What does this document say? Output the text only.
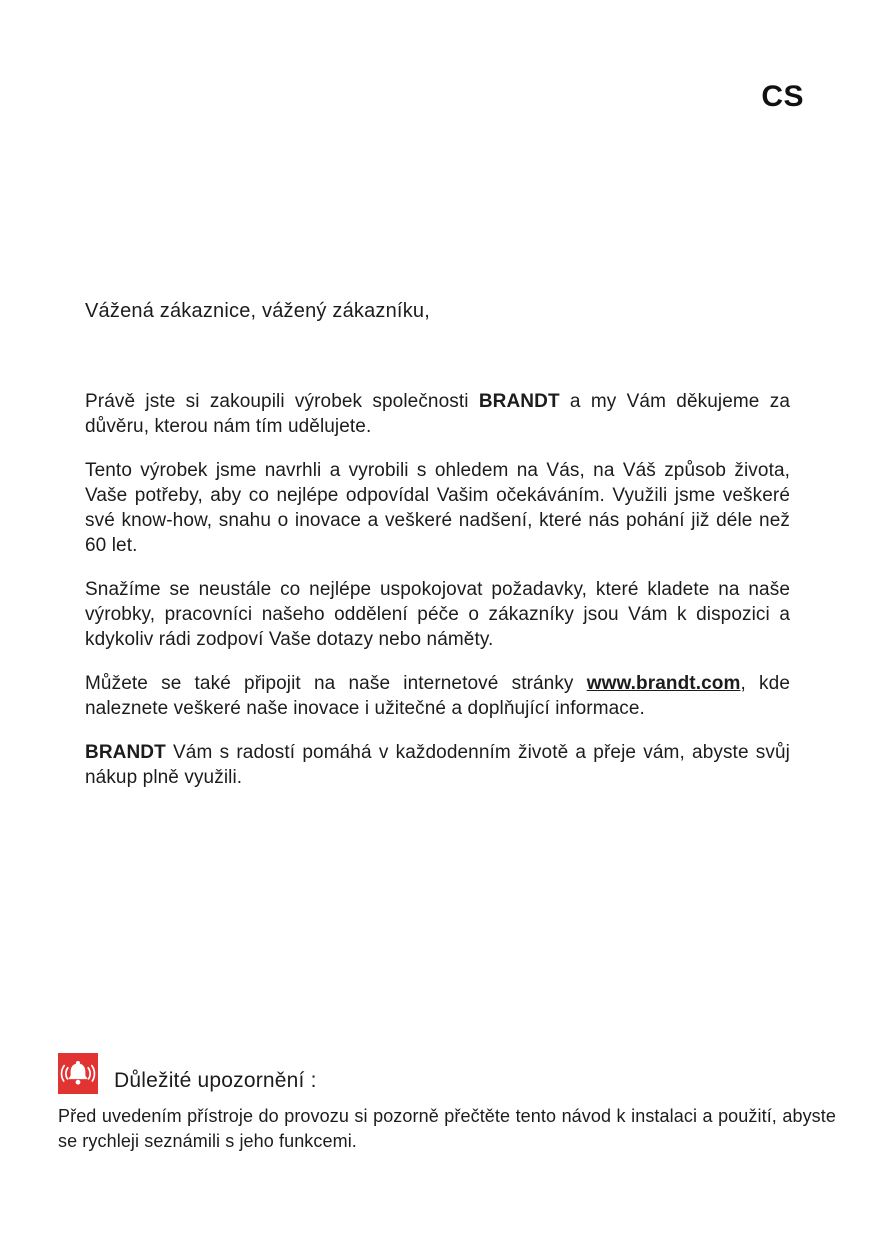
CS

Vážená zákaznice, vážený zákazníku,

Právě jste si zakoupili výrobek společnosti BRANDT a my Vám děkujeme za důvěru, kterou nám tím udělujete.

Tento výrobek jsme navrhli a vyrobili s ohledem na Vás, na Váš způsob života, Vaše potřeby, aby co nejlépe odpovídal Vašim očekáváním. Využili jsme veškeré své know-how, snahu o inovace a veškeré nadšení, které nás pohání již déle než 60 let.

Snažíme se neustále co nejlépe uspokojovat požadavky, které kladete na naše výrobky, pracovníci našeho oddělení péče o zákazníky jsou Vám k dispozici a kdykoliv rádi zodpoví Vaše dotazy nebo náměty.

Můžete se také připojit na naše internetové stránky www.brandt.com, kde naleznete veškeré naše inovace i užitečné a doplňující informace.

BRANDT Vám s radostí pomáhá v každodenním životě a přeje vám, abyste svůj nákup plně využili.

Důležité upozornění :

Před uvedením přístroje do provozu si pozorně přečtěte tento návod k instalaci a použití, abyste se rychleji seznámili s jeho funkcemi.
